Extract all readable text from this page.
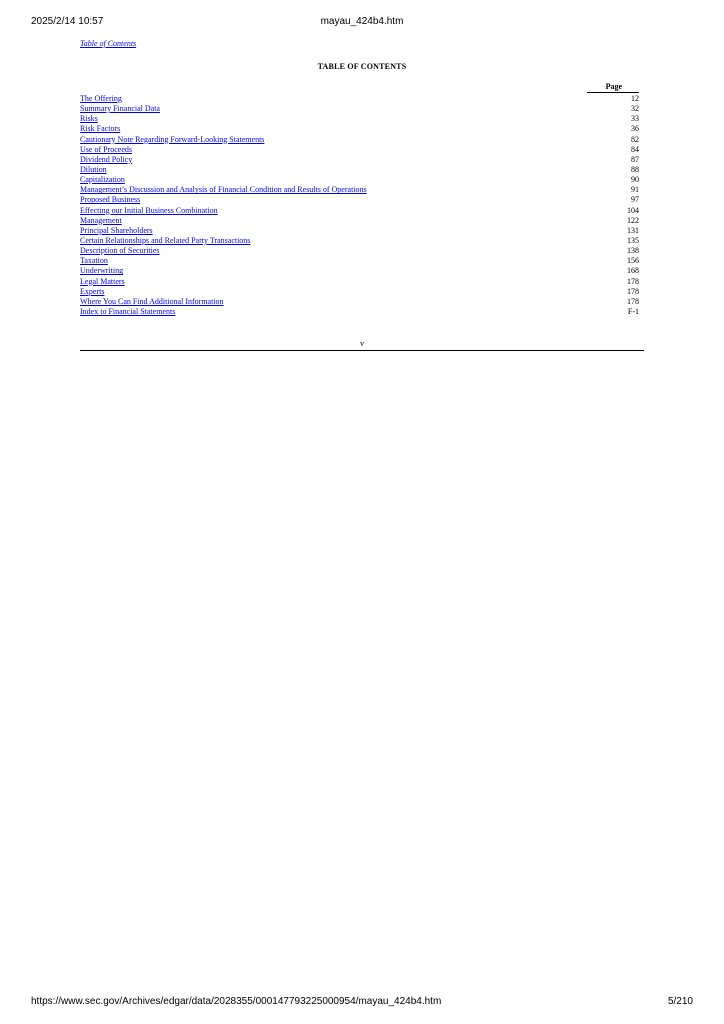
2025/2/14 10:57	mayau_424b4.htm
Table of Contents
TABLE OF CONTENTS
Page
The Offering	12
Summary Financial Data	32
Risks	33
Risk Factors	36
Cautionary Note Regarding Forward-Looking Statements	82
Use of Proceeds	84
Dividend Policy	87
Dilution	88
Capitalization	90
Management’s Discussion and Analysis of Financial Condition and Results of Operations	91
Proposed Business	97
Effecting our Initial Business Combination	104
Management	122
Principal Shareholders	131
Certain Relationships and Related Party Transactions	135
Description of Securities	138
Taxation	156
Underwriting	168
Legal Matters	178
Experts	178
Where You Can Find Additional Information	178
Index to Financial Statements	F-1
v
https://www.sec.gov/Archives/edgar/data/2028355/000147793225000954/mayau_424b4.htm	5/210
